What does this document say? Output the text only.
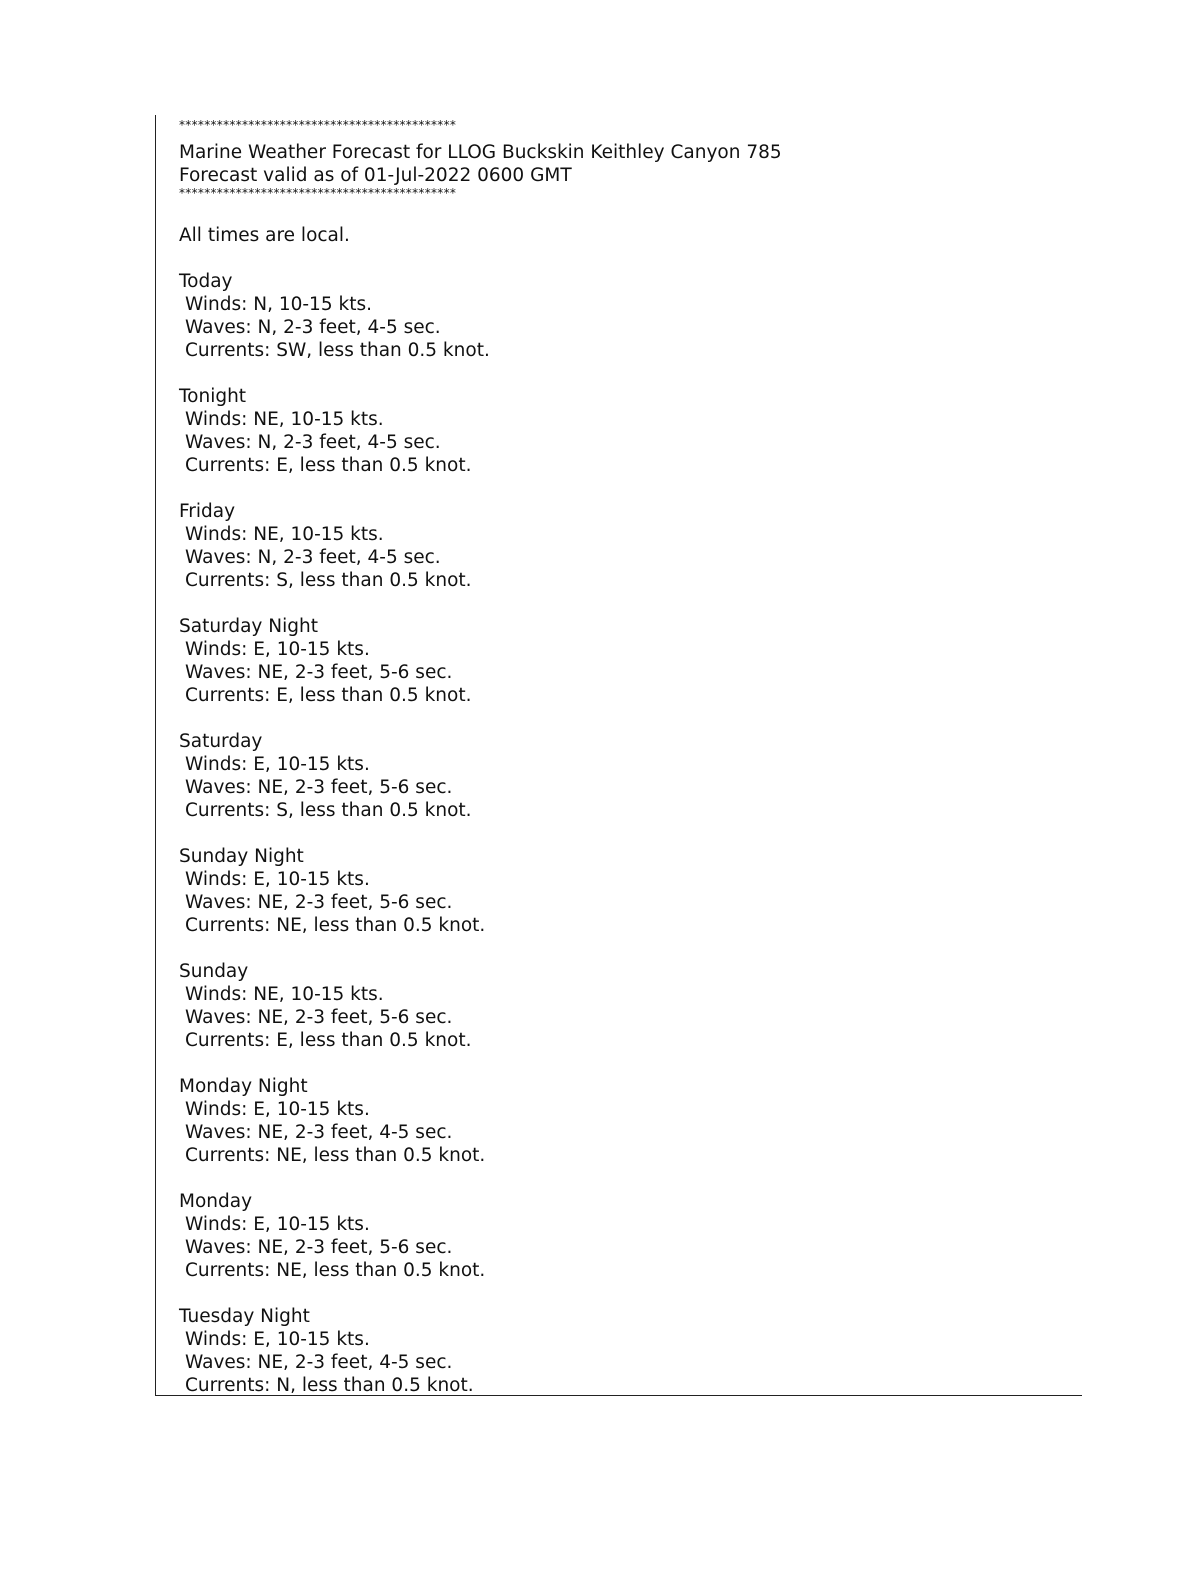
********************************************
Marine Weather Forecast for LLOG Buckskin Keithley Canyon 785
Forecast valid as of 01-Jul-2022 0600 GMT
********************************************
All times are local.
Today
Winds: N, 10-15 kts.
Waves: N, 2-3 feet, 4-5 sec.
Currents: SW, less than 0.5 knot.
Tonight
Winds: NE, 10-15 kts.
Waves: N, 2-3 feet, 4-5 sec.
Currents: E, less than 0.5 knot.
Friday
Winds: NE, 10-15 kts.
Waves: N, 2-3 feet, 4-5 sec.
Currents: S, less than 0.5 knot.
Saturday Night
Winds: E, 10-15 kts.
Waves: NE, 2-3 feet, 5-6 sec.
Currents: E, less than 0.5 knot.
Saturday
Winds: E, 10-15 kts.
Waves: NE, 2-3 feet, 5-6 sec.
Currents: S, less than 0.5 knot.
Sunday Night
Winds: E, 10-15 kts.
Waves: NE, 2-3 feet, 5-6 sec.
Currents: NE, less than 0.5 knot.
Sunday
Winds: NE, 10-15 kts.
Waves: NE, 2-3 feet, 5-6 sec.
Currents: E, less than 0.5 knot.
Monday Night
Winds: E, 10-15 kts.
Waves: NE, 2-3 feet, 4-5 sec.
Currents: NE, less than 0.5 knot.
Monday
Winds: E, 10-15 kts.
Waves: NE, 2-3 feet, 5-6 sec.
Currents: NE, less than 0.5 knot.
Tuesday Night
Winds: E, 10-15 kts.
Waves: NE, 2-3 feet, 4-5 sec.
Currents: N, less than 0.5 knot.
